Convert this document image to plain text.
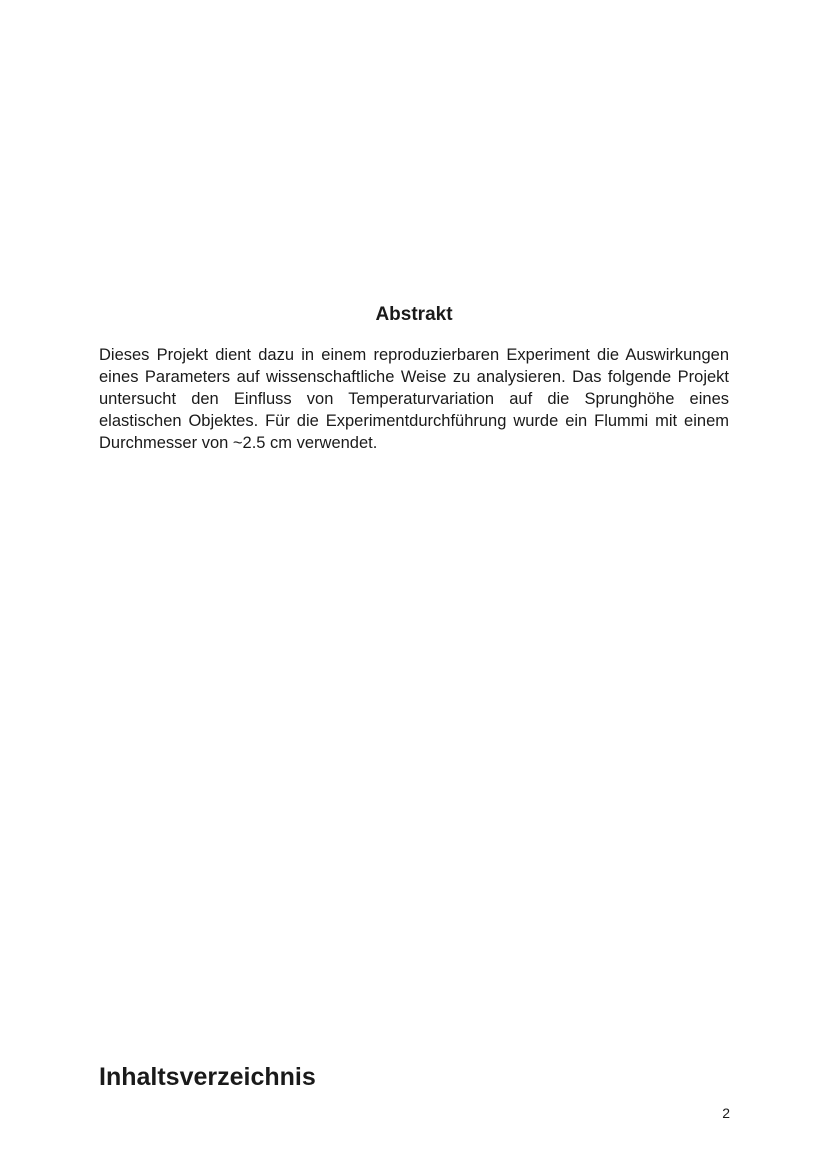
Abstrakt

Dieses Projekt dient dazu in einem reproduzierbaren Experiment die Auswirkungen eines Parameters auf wissenschaftliche Weise zu analysieren. Das folgende Projekt untersucht den Einfluss von Temperaturvariation auf die Sprunghöhe eines elastischen Objektes. Für die Experimentdurchführung wurde ein Flummi mit einem Durchmesser von ~2.5 cm verwendet.

Inhaltsverzeichnis
2
